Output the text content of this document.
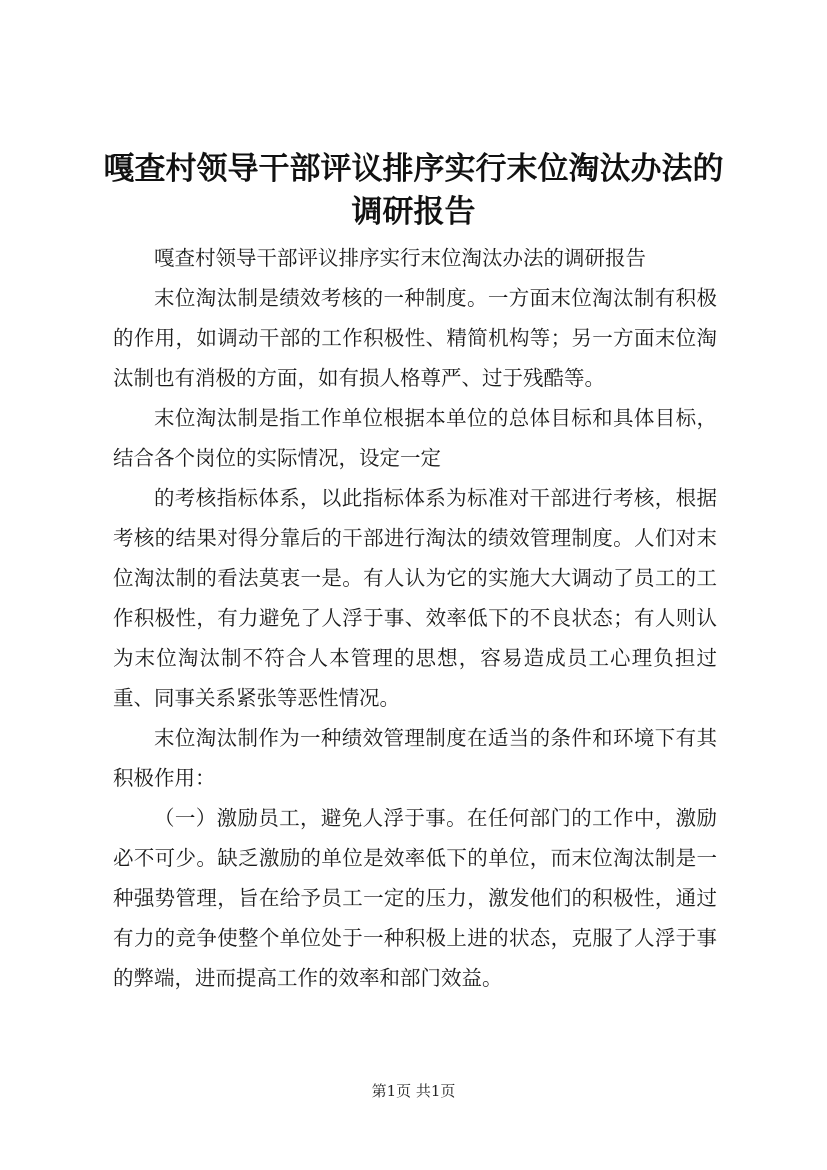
嘎查村领导干部评议排序实行末位淘汰办法的调研报告

嘎查村领导干部评议排序实行末位淘汰办法的调研报告

末位淘汰制是绩效考核的一种制度。一方面末位淘汰制有积极的作用，如调动干部的工作积极性、精简机构等；另一方面末位淘汰制也有消极的方面，如有损人格尊严、过于残酷等。

末位淘汰制是指工作单位根据本单位的总体目标和具体目标，结合各个岗位的实际情况，设定一定

的考核指标体系，以此指标体系为标准对干部进行考核，根据考核的结果对得分靠后的干部进行淘汰的绩效管理制度。人们对末位淘汰制的看法莫衷一是。有人认为它的实施大大调动了员工的工作积极性，有力避免了人浮于事、效率低下的不良状态；有人则认为末位淘汰制不符合人本管理的思想，容易造成员工心理负担过重、同事关系紧张等恶性情况。

末位淘汰制作为一种绩效管理制度在适当的条件和环境下有其积极作用：

（一）激励员工，避免人浮于事。在任何部门的工作中，激励必不可少。缺乏激励的单位是效率低下的单位，而末位淘汰制是一种强势管理，旨在给予员工一定的压力，激发他们的积极性，通过有力的竞争使整个单位处于一种积极上进的状态，克服了人浮于事的弊端，进而提高工作的效率和部门效益。

第1页 共1页
